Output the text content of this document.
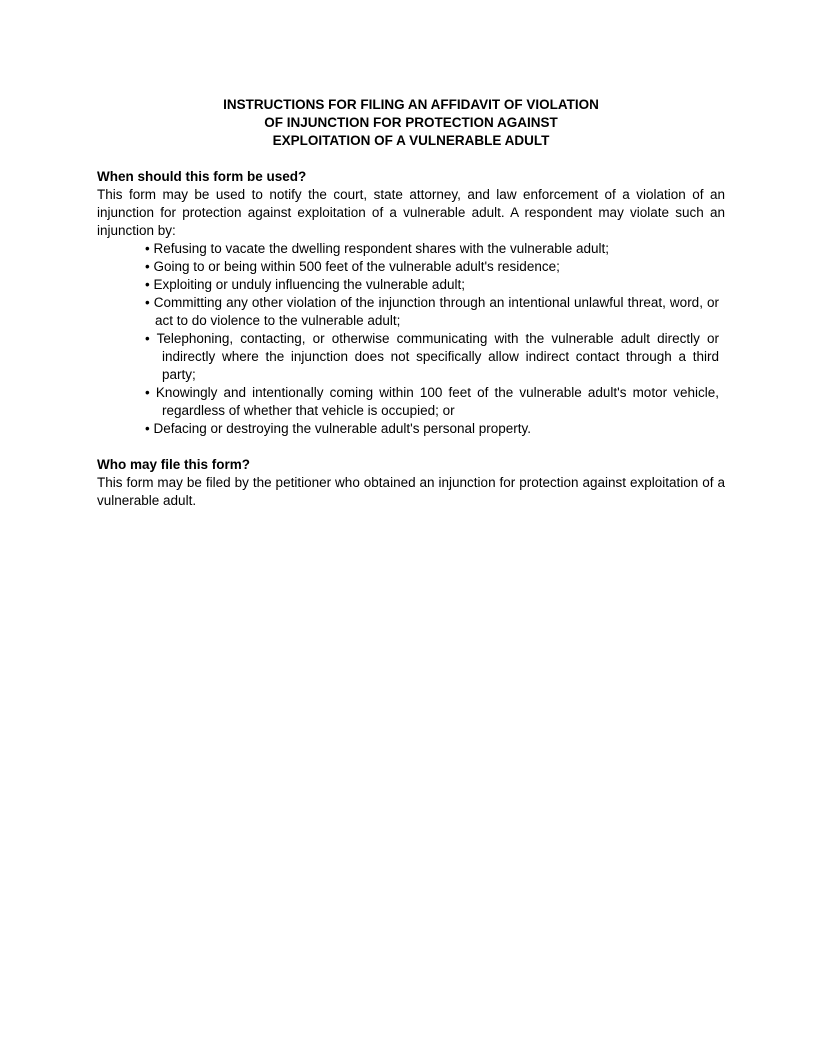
INSTRUCTIONS FOR FILING AN AFFIDAVIT OF VIOLATION
OF INJUNCTION FOR PROTECTION AGAINST
EXPLOITATION OF A VULNERABLE ADULT

When should this form be used?

This form may be used to notify the court, state attorney, and law enforcement of a violation of an injunction for protection against exploitation of a vulnerable adult. A respondent may violate such an injunction by:

• Refusing to vacate the dwelling respondent shares with the vulnerable adult;
• Going to or being within 500 feet of the vulnerable adult's residence;
• Exploiting or unduly influencing the vulnerable adult;
• Committing any other violation of the injunction through an intentional unlawful threat, word, or act to do violence to the vulnerable adult;
• Telephoning, contacting, or otherwise communicating with the vulnerable adult directly or indirectly where the injunction does not specifically allow indirect contact through a third party;
• Knowingly and intentionally coming within 100 feet of the vulnerable adult's motor vehicle, regardless of whether that vehicle is occupied; or
• Defacing or destroying the vulnerable adult's personal property.

Who may file this form?

This form may be filed by the petitioner who obtained an injunction for protection against exploitation of a vulnerable adult.
